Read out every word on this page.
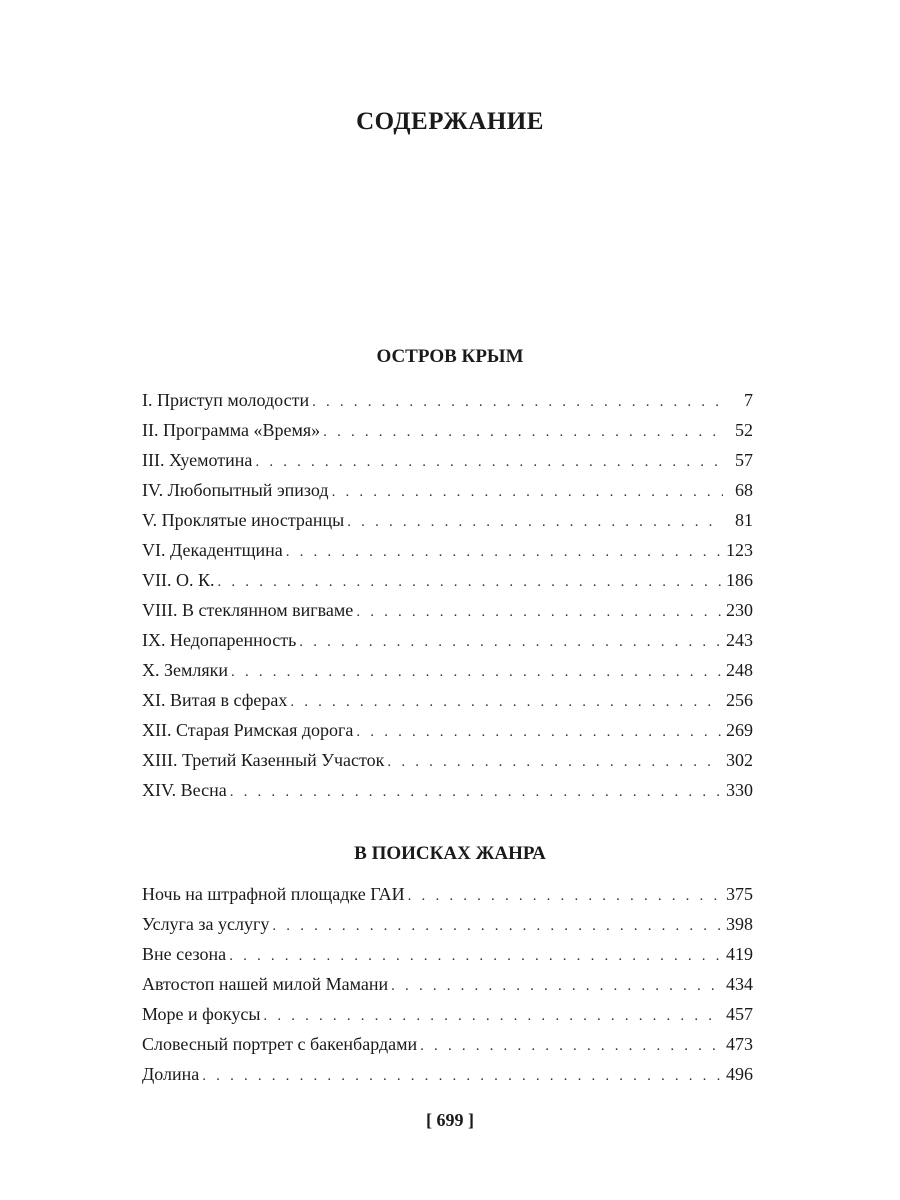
СОДЕРЖАНИЕ
ОСТРОВ КРЫМ
I. Приступ молодости . . .	7
II. Программа «Время» . . .	52
III. Хуемотина . . .	57
IV. Любопытный эпизод . . .	68
V. Проклятые иностранцы . . .	81
VI. Декадентщина . . .	123
VII. О. К. . . .	186
VIII. В стеклянном вигваме . . .	230
IX. Недопаренность . . .	243
X. Земляки . . .	248
XI. Витая в сферах . . .	256
XII. Старая Римская дорога . . .	269
XIII. Третий Казенный Участок . . .	302
XIV. Весна . . .	330
В ПОИСКАХ ЖАНРА
Ночь на штрафной площадке ГАИ . . .	375
Услуга за услугу . . .	398
Вне сезона . . .	419
Автостоп нашей милой Мамани . . .	434
Море и фокусы . . .	457
Словесный портрет с бакенбардами . . .	473
Долина . . .	496
[ 699 ]
